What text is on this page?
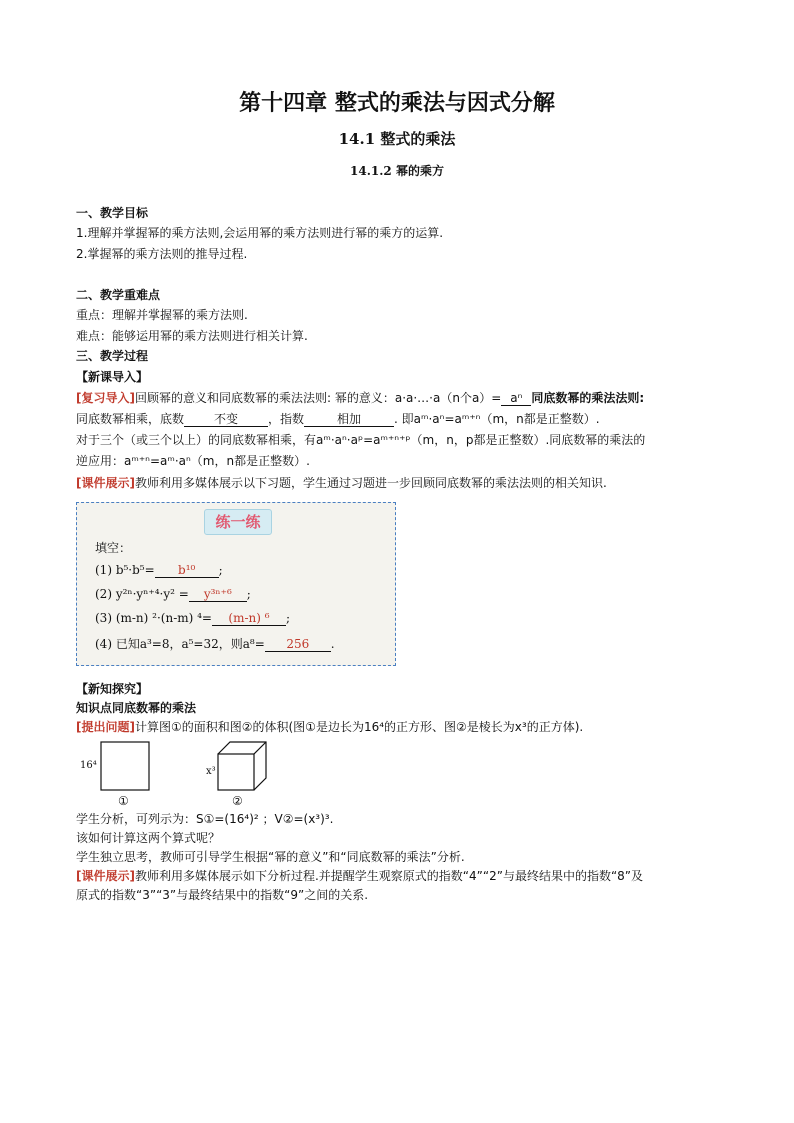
第十四章 整式的乘法与因式分解
14.1 整式的乘法
14.1.2 幂的乘方
一、教学目标
1.理解并掌握幂的乘方法则,会运用幂的乘方法则进行幂的乘方的运算.
2.掌握幂的乘方法则的推导过程.
二、教学重难点
重点：理解并掌握幂的乘方法则.
难点：能够运用幂的乘方法则进行相关计算.
三、教学过程
【新课导入】
[复习导入]回顾幂的意义和同底数幂的乘法法则: 幂的意义：a·a·…·a（n个a）= aⁿ 同底数幂的乘法法则:
同底数幂相乘，底数 不变	，指数	相加	. 即aᵐ·aⁿ=aᵐ⁺ⁿ（m，n都是正整数）.
对于三个（或三个以上）的同底数幂相乘，有aᵐ·aⁿ·aᵖ=aᵐ⁺ⁿ⁺ᵖ（m，n，p都是正整数）.同底数幂的乘法的
逆应用：aᵐ⁺ⁿ=aᵐ·aⁿ（m，n都是正整数）.
[课件展示]教师利用多媒体展示以下习题，学生通过习题进一步回顾同底数幂的乘法法则的相关知识.
练一练
填空：
(1) b⁵·b⁵= b¹⁰ ;
(2) y²ⁿ·yⁿ⁺⁴·y² = y³ⁿ⁺⁶ ;
(3) (m-n) ²·(n-m) ⁴= (m-n) ⁶ ;
(4) 已知a³=8，a⁵=32，则a⁸= 256 .
【新知探究】
知识点同底数幂的乘法
[提出问题]计算图①的面积和图②的体积(图①是边长为16⁴的正方形、图②是棱长为x³的正方体).
16⁴
①
x³
②
学生分析，可列示为：S①=(16⁴)² ；V②=(x³)³.
该如何计算这两个算式呢？
学生独立思考，教师可引导学生根据“幂的意义”和“同底数幂的乘法”分析.
[课件展示]教师利用多媒体展示如下分析过程.并提醒学生观察原式的指数“4”“2”与最终结果中的指数“8”及
原式的指数“3”“3”与最终结果中的指数“9”之间的关系.
